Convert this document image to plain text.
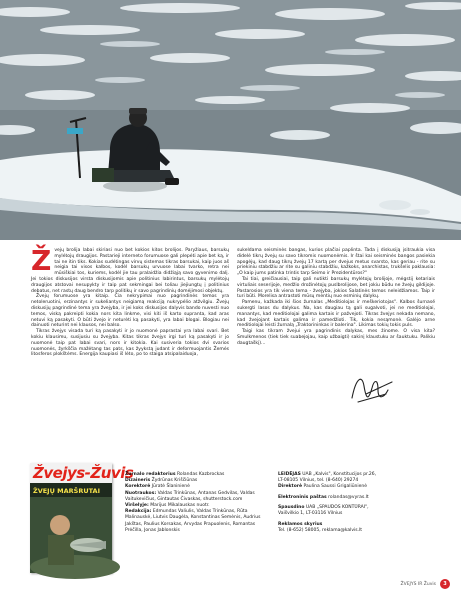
Žvejų brolija labai skiriasi nuo bet kokios kitos brolijos. Paryžiaus, barsukų mylėtojų draugijos. Pastarieji interneto forumuose gali plepėti apie bet ką, ir tai ne itin tiks. Kokias sudėtingas virvų sistemas tikras barsukai, kaip juos aš neigia tai visos kalbos, kodėl barsukų urvuose labai tvarko, retra nei mūsiškiai tos, kuriems, kodėl jie tau pralaidžia didžiąją savo gyvenimo dalį. Jei tokios diskusijos virsta diskusijomis apie politinius labirintus, barsukų mylėtojų draugijos atstovai nesupykty ir taip pat sekmingai bei toliau jiejiungtų į politinius debatus, net rastų daug bendro tarp politikų ir savo pagrindinių domėjimosi objektų.

Žvejų forumuose yra kitaip. Čia nekrypimai nuo pagrindinės temos yra netoleruotini, erzinantys ir sukeliantys neigiamą reakciją nukrypėlio atžvilgiu. Žvejų diskusijų pagrindinė tema yra žvejyba, ir jei koks diskusijos dalyvis bando nuvesti nuo temos, viską pakreipti kokia nors kita linkme, visi kiti iš karto supranta, kad aras netuvi ką pasakyti. O būti žvejo ir neturėti ką pasakyti, yra labai blogai. Blogiau nei dainuoti neturint nei klausos, nei balso.

Tikras žvejys visada turi ką pasakyti ir jo nuomonė paprastai yra labai svari. Bet kokiu klausimu, susijusiu su žvejyba. Kitas tikras žvejys irgi turi ką pasakyti ir jo nuomonė taip pat labai svari, nors ir kitokia. Kai susiveria tokios dvi svarios nuomonės, žyrkščia mažėtang tas pats, kas žyykstą judant ir deformuojantis Žemės litosferos plokštėms. Energija kaupiasi iš lėto, po to staiga atsipalaiduoja,

sukeldama seisminės bangas, kurios plačiai paplinta. Tada į diskusiją įsitraukia visa didelė tikrų žvejų su savo tikromis nuomonėmis. Ir štai kai seisminės bangos pasiekia apogėjų, kad daug tikrų žvejų 17 kartą per dvejus metus svarsto, kas geriau - rite su priekiniu stabdžiu ar rite su galiniu stabdžiu, kažkoks, anarchistas, trukšelis paklausia: „O kaip jums patinka trintis tarp Seimo ir Prezidentūros?"

Tai tiai, greičiausiai, taip gali nutikti barsukų mylėtojų brolijoje, mėgstij ketariais virtuliais seserijoje, medžio drožinėtojų puslbrolijose, bet jokiu būdu ne žvejų gildijoje. Pastarosios yra tik viena tema - žvejyba, jokios Salatinės temos neleidžiamos. Taip ir turi būti. Morelisa antrastoti mūsų mėntių nuo esminių dalykų.

Pamenu, kažkada iki šios žurnalas „Meditiolojas ir meškeriotojas". Kalbos šurnasé sukergti lasos du dalykus. Na, kas daugiau tą gali sugalvoti, jei ne meditiolojai, manantys, kad meditiolojai galima kartais ir pažvejoti. Tikras žvejys nekada nemano, kad žvejojant kartais galima ir pamedžioti. Tik, kokia nesąmonė. Galėjo arne meditiolojai leisti žurnalą „Traktorininkas ir balerina". Likimas tokių tokis puls.

Taigi kas tikram žvejui yra pagrindinis dalykas, mes žinome. O visa kita? Smulkmenos (tiek tiek suabejojau, kaip užbaigti) sakinį klaustuku ar šauktuku. Palikiu daugtaškį)...

Žvejys-Žuvis
ŽVEJŲ MARŠRUTAI
Žurnalo redaktorius Rolandas Kazbrockas
Dizaineris Žydrūnas Kriščiūnas
Korektorė Jūratė Šlaninienė
Nuotraukos: Valdas Trinkūnas, Antanas Gedvilas, Valdas Vaitukevičius, Gintautas Čivaskas, shutterstock.com
Viršelyje: Marijus Mikalauskas nuotr.
Redakcija: Edmundas Valiulis, Valdas Trinkūnas, Rūta Malinauskė, Liutvis Daugėla, Konstantinas Semėnis, Audrius Jakštas, Paulius Korsakas, Arvydas Prapuolenis, Romantas Prėčilla, Jonas Jablonskis
LEIDĖJAS UAB „Kalvis", Konstitucijos pr.26,
LT-08105 Vilnius, tel. (8-640) 29274
Direktorė Paulina Saussi Grigaliūnienė
Elektroninis paštas rolandas@vyras.lt
Spausdino UAB „SPAUDOS KONTŪRAI",
Vaišvilkio 1, LT-03116 Vilnius
Reklamos skyrius
Tel. (8-652) 58005, reklama@kalvis.lt
ŽVEJYS IR Žuvis	3
